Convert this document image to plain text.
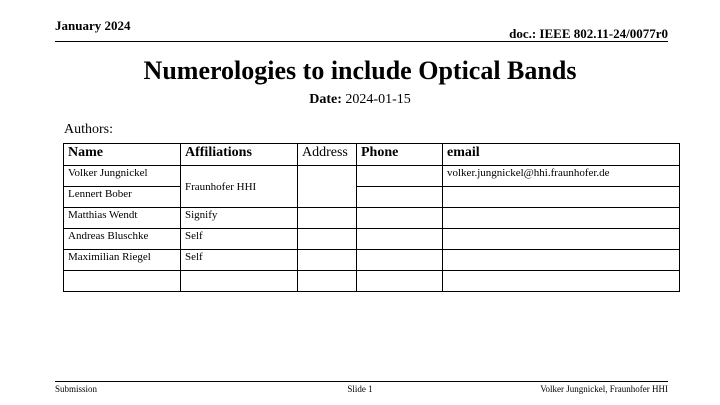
January 2024
doc.: IEEE 802.11-24/0077r0
Numerologies to include Optical Bands
Date: 2024-01-15
Authors:
Name	Affiliations	Address	Phone	email
Volker Jungnickel	Fraunhofer HHI			volker.jungnickel@hhi.fraunhofer.de
Lennert Bober				
Matthias Wendt	Signify			
Andreas Bluschke	Self			
Maximilian Riegel	Self			

Submission	Slide 1	Volker Jungnickel, Fraunhofer HHI
